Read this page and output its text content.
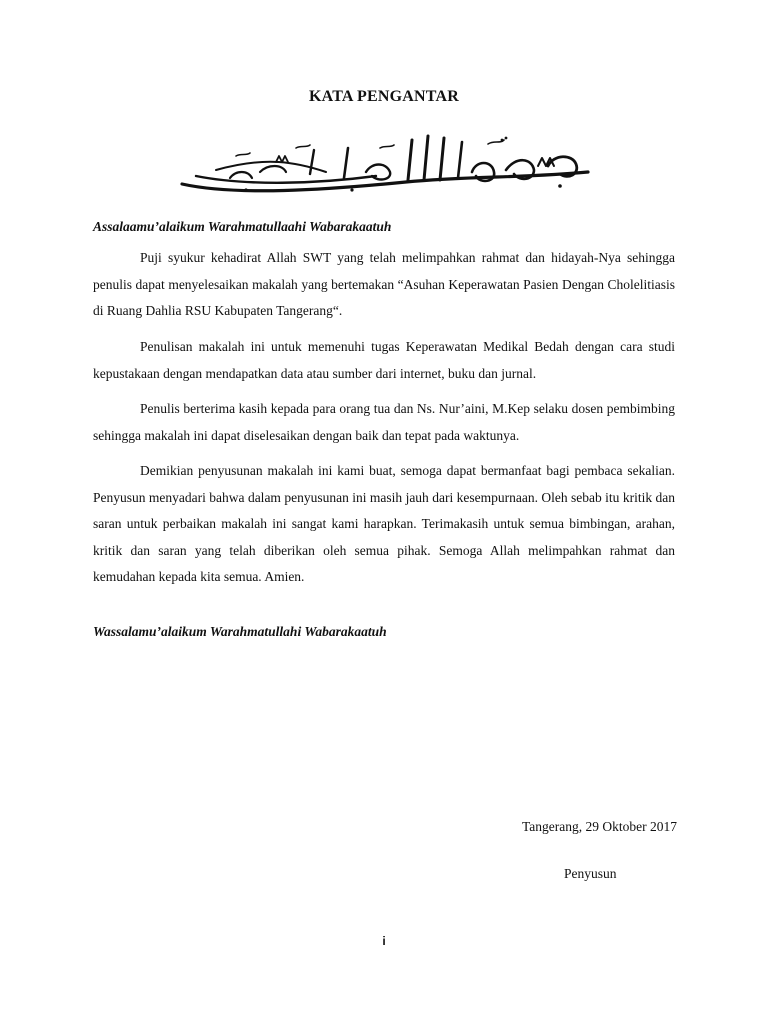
KATA PENGANTAR
Assalaamu’alaikum Warahmatullaahi Wabarakaatuh

Puji syukur kehadirat Allah SWT yang telah melimpahkan rahmat dan hidayah-Nya sehingga penulis dapat menyelesaikan makalah yang bertemakan “Asuhan Keperawatan Pasien Dengan Cholelitiasis di Ruang Dahlia RSU Kabupaten Tangerang“.

Penulisan makalah ini untuk memenuhi tugas Keperawatan Medikal Bedah dengan cara studi kepustakaan dengan mendapatkan data atau sumber dari internet, buku dan jurnal.

Penulis berterima kasih kepada para orang tua dan Ns. Nur’aini, M.Kep selaku dosen pembimbing sehingga makalah ini dapat diselesaikan dengan baik dan tepat pada waktunya.

Demikian penyusunan makalah ini kami buat, semoga dapat bermanfaat bagi pembaca sekalian. Penyusun menyadari bahwa dalam penyusunan ini masih jauh dari kesempurnaan. Oleh sebab itu kritik dan saran untuk perbaikan makalah ini sangat kami harapkan. Terimakasih untuk semua bimbingan, arahan, kritik dan saran yang telah diberikan oleh semua pihak. Semoga Allah melimpahkan rahmat dan kemudahan kepada kita semua. Amien.

Wassalamu’alaikum Warahmatullahi Wabarakaatuh
Tangerang, 29 Oktober 2017
Penyusun
i
